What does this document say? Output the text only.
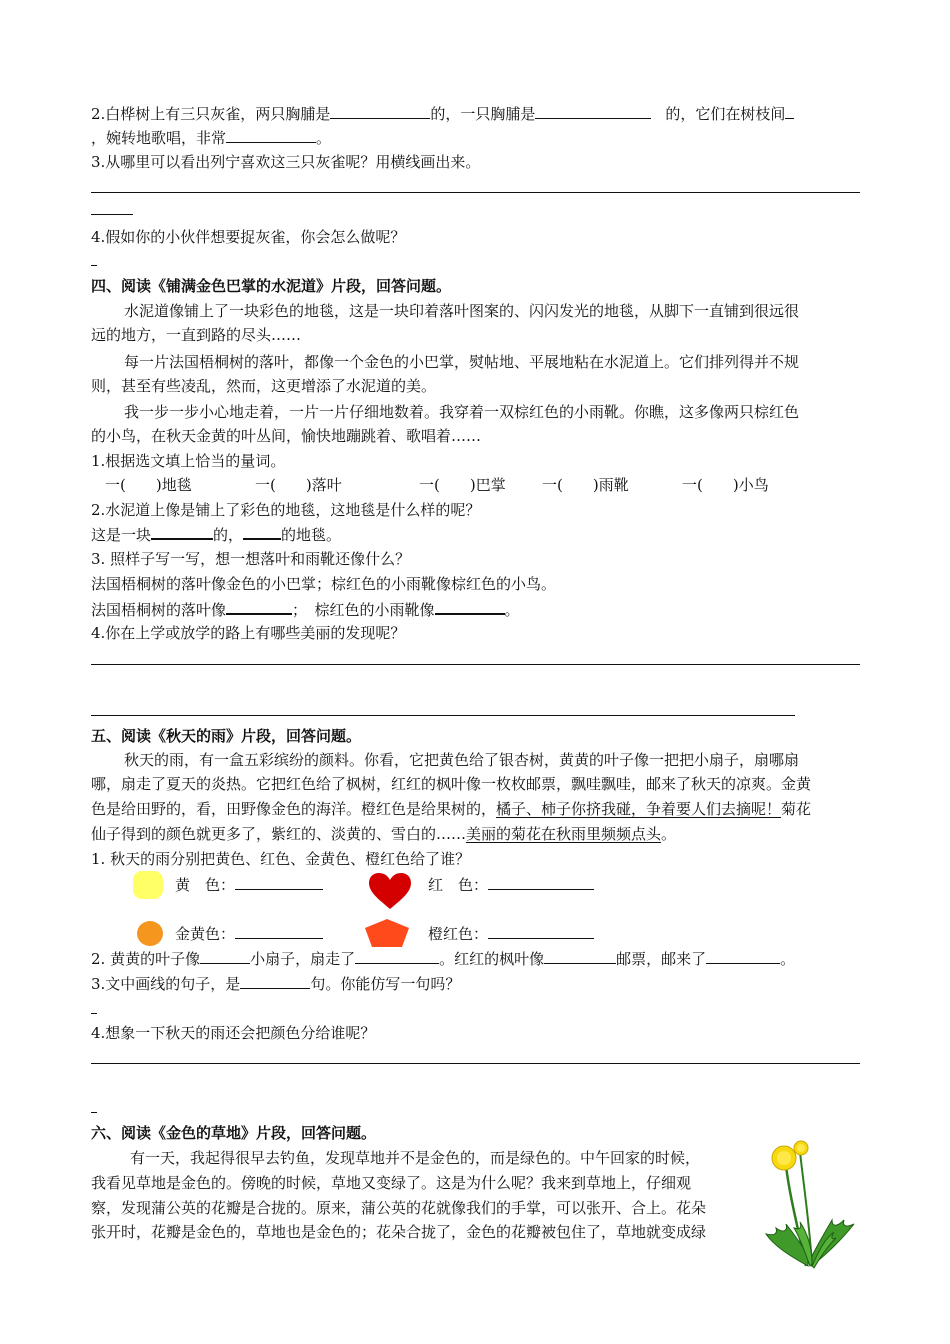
2.白桦树上有三只灰雀，两只胸脯是	的，一只胸脯是	的，它们在树枝间
，婉转地歌唱，非常	。
3.从哪里可以看出列宁喜欢这三只灰雀呢？用横线画出来。
4.假如你的小伙伴想要捉灰雀，你会怎么做呢？
四、阅读《铺满金色巴掌的水泥道》片段，回答问题。
水泥道像铺上了一块彩色的地毯，这是一块印着落叶图案的、闪闪发光的地毯，从脚下一直铺到很远很
远的地方，一直到路的尽头……
每一片法国梧桐树的落叶，都像一个金色的小巴掌，熨帖地、平展地粘在水泥道上。它们排列得并不规
则，甚至有些凌乱，然而，这更增添了水泥道的美。
我一步一步小心地走着，一片一片仔细地数着。我穿着一双棕红色的小雨靴。你瞧，这多像两只棕红色
的小鸟，在秋天金黄的叶丛间，愉快地蹦跳着、歌唱着……
1.根据选文填上恰当的量词。
一(　　)地毯	一(　　)落叶	一(　　)巴掌 一(　　)雨靴	一(　　)小鸟
2.水泥道上像是铺上了彩色的地毯，这地毯是什么样的呢？
这是一块	的，	的地毯。
3. 照样子写一写，想一想落叶和雨靴还像什么？
法国梧桐树的落叶像金色的小巴掌；棕红色的小雨靴像棕红色的小鸟。
法国梧桐树的落叶像	；　棕红色的小雨靴像	。
4.你在上学或放学的路上有哪些美丽的发现呢？
五、阅读《秋天的雨》片段，回答问题。
秋天的雨，有一盒五彩缤纷的颜料。你看，它把黄色给了银杏树，黄黄的叶子像一把把小扇子，扇哪扇
哪，扇走了夏天的炎热。它把红色给了枫树，红红的枫叶像一枚枚邮票，飘哇飘哇，邮来了秋天的凉爽。金黄
色是给田野的，看，田野像金色的海洋。橙红色是给果树的，橘子、柿子你挤我碰，争着要人们去摘呢！菊花
仙子得到的颜色就更多了，紫红的、淡黄的、雪白的……美丽的菊花在秋雨里频频点头。
1. 秋天的雨分别把黄色、红色、金黄色、橙红色给了谁？
黄　色：	红　色：
金黄色：	橙红色：
2. 黄黄的叶子像	小扇子，扇走了	。红红的枫叶像	邮票，邮来了	。
3.文中画线的句子，是	句。你能仿写一句吗？
4.想象一下秋天的雨还会把颜色分给谁呢？
六、阅读《金色的草地》片段，回答问题。
有一天，我起得很早去钓鱼，发现草地并不是金色的，而是绿色的。中午回家的时候，
我看见草地是金色的。傍晚的时候，草地又变绿了。这是为什么呢？我来到草地上，仔细观
察，发现蒲公英的花瓣是合拢的。原来，蒲公英的花就像我们的手掌，可以张开、合上。花朵
张开时，花瓣是金色的，草地也是金色的；花朵合拢了，金色的花瓣被包住了，草地就变成绿
